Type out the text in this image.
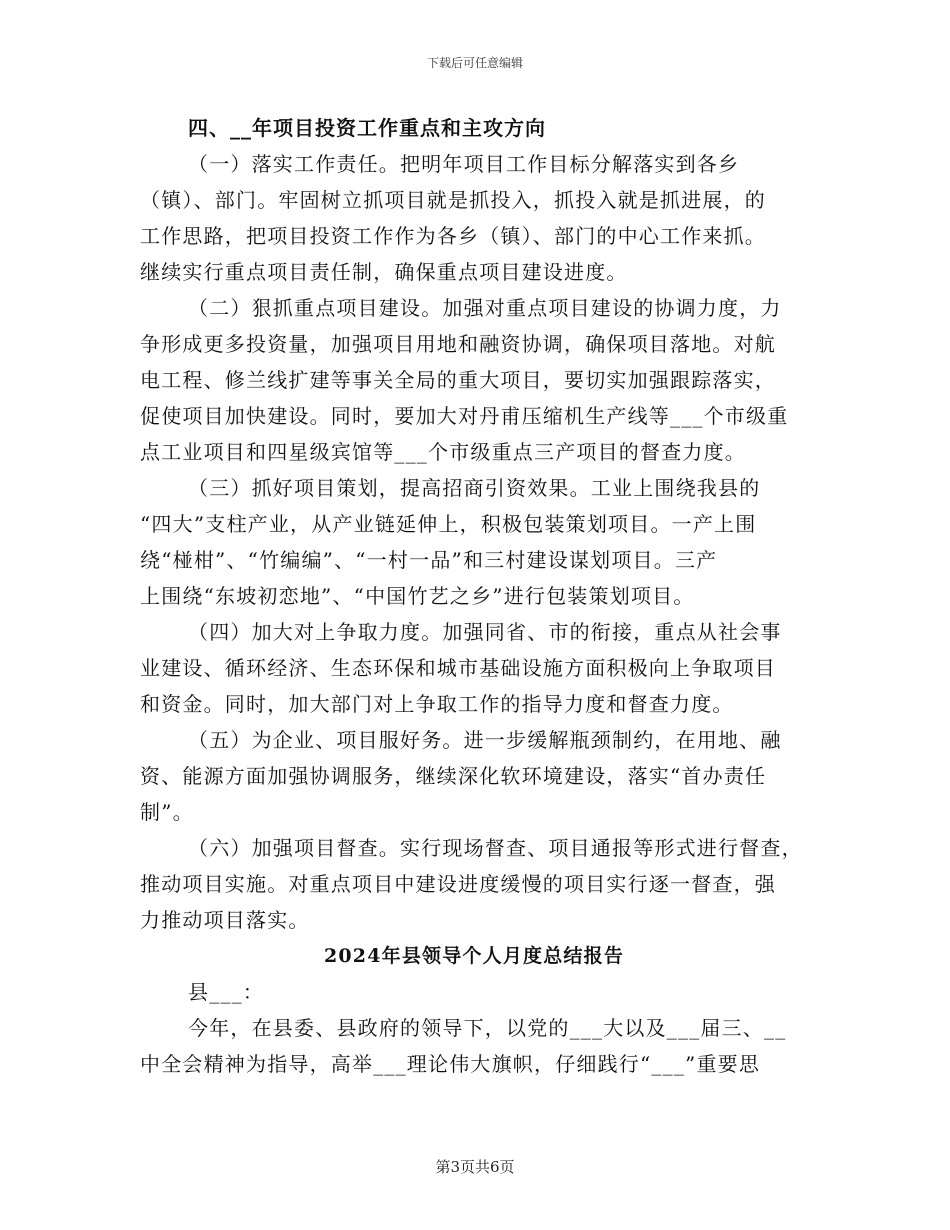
下载后可任意编辑
四、__年项目投资工作重点和主攻方向
（一）落实工作责任。把明年项目工作目标分解落实到各乡
（镇）、部门。牢固树立抓项目就是抓投入，抓投入就是抓进展，的
工作思路，把项目投资工作作为各乡（镇）、部门的中心工作来抓。
继续实行重点项目责任制，确保重点项目建设进度。
（二）狠抓重点项目建设。加强对重点项目建设的协调力度，力
争形成更多投资量，加强项目用地和融资协调，确保项目落地。对航
电工程、修兰线扩建等事关全局的重大项目，要切实加强跟踪落实，
促使项目加快建设。同时，要加大对丹甫压缩机生产线等___个市级重
点工业项目和四星级宾馆等___个市级重点三产项目的督查力度。
（三）抓好项目策划，提高招商引资效果。工业上围绕我县的
“四大”支柱产业，从产业链延伸上，积极包装策划项目。一产上围
绕“椪柑”、“竹编编”、“一村一品”和三村建设谋划项目。三产
上围绕“东坡初恋地”、“中国竹艺之乡”进行包装策划项目。
（四）加大对上争取力度。加强同省、市的衔接，重点从社会事
业建设、循环经济、生态环保和城市基础设施方面积极向上争取项目
和资金。同时，加大部门对上争取工作的指导力度和督查力度。
（五）为企业、项目服好务。进一步缓解瓶颈制约，在用地、融
资、能源方面加强协调服务，继续深化软环境建设，落实“首办责任
制”。
（六）加强项目督查。实行现场督查、项目通报等形式进行督查，
推动项目实施。对重点项目中建设进度缓慢的项目实行逐一督查，强
力推动项目落实。
2024年县领导个人月度总结报告
县___：
今年，在县委、县政府的领导下，以党的___大以及___届三、__
中全会精神为指导，高举___理论伟大旗帜，仔细践行“___”重要思
第3页共6页
